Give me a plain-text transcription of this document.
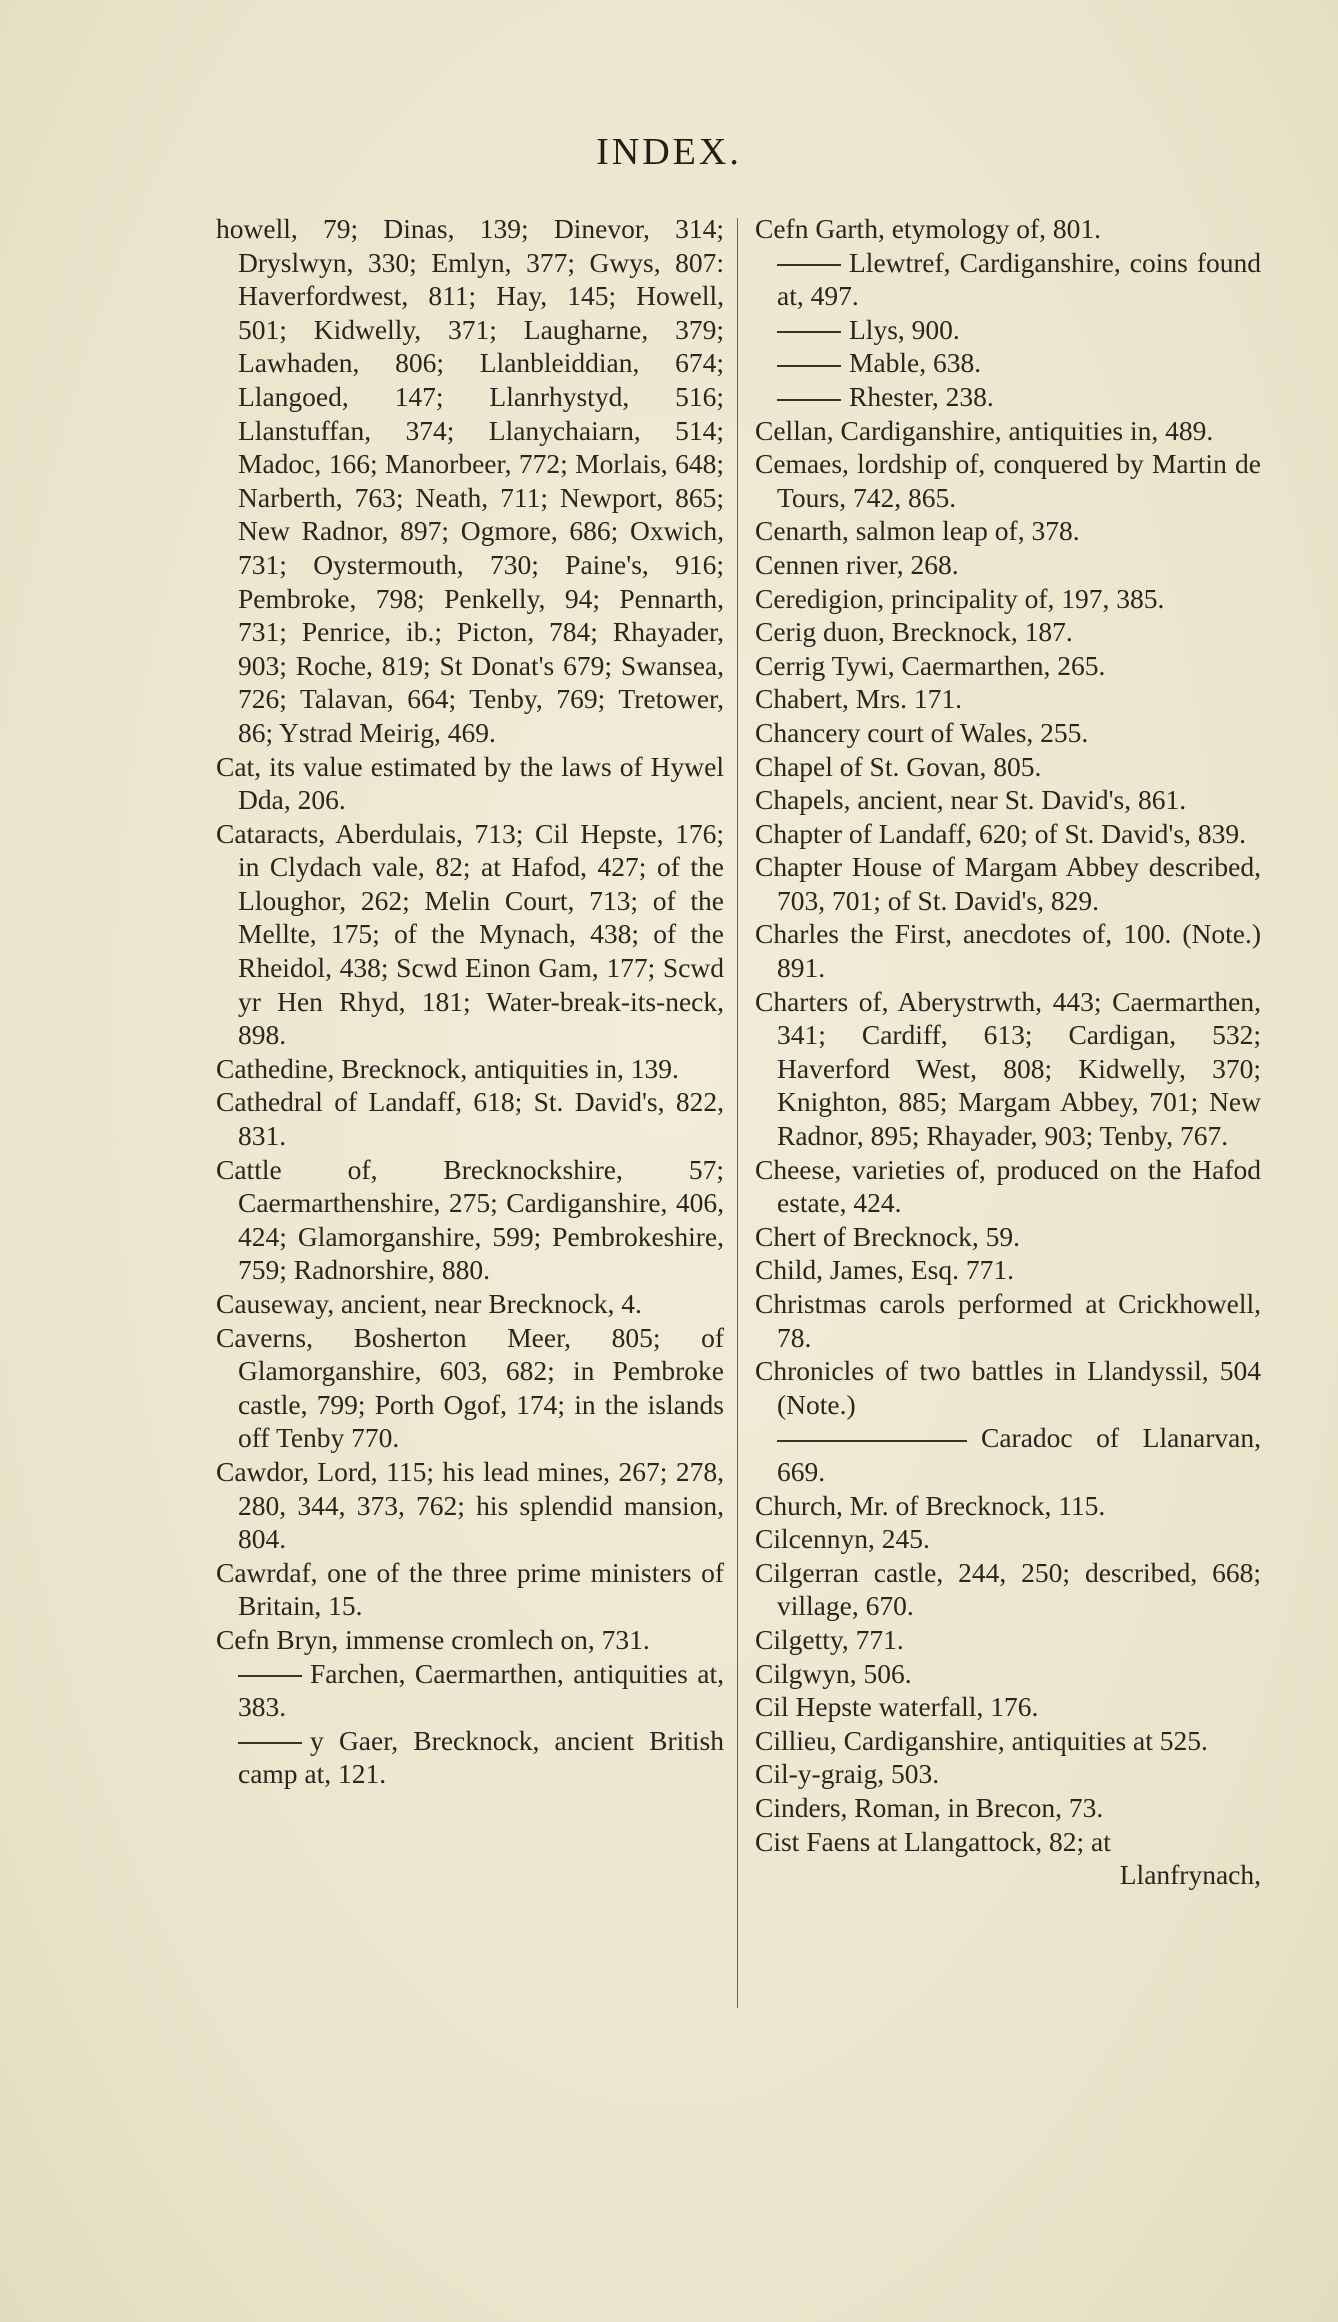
INDEX.

howell, 79; Dinas, 139; Dinevor, 314; Dryslwyn, 330; Emlyn, 377; Gwys, 807: Haverfordwest, 811; Hay, 145; Howell, 501; Kidwelly, 371; Laugharne, 379; Lawhaden, 806; Llanbleiddian, 674; Llangoed, 147; Llanrhystyd, 516; Llanstuffan, 374; Llanychaiarn, 514; Madoc, 166; Manorbeer, 772; Morlais, 648; Narberth, 763; Neath, 711; Newport, 865; New Radnor, 897; Ogmore, 686; Oxwich, 731; Oystermouth, 730; Paine's, 916; Pembroke, 798; Penkelly, 94; Pennarth, 731; Penrice, ib.; Picton, 784; Rhayader, 903; Roche, 819; St Donat's 679; Swansea, 726; Talavan, 664; Tenby, 769; Tretower, 86; Ystrad Meirig, 469.

Cat, its value estimated by the laws of Hywel Dda, 206.

Cataracts, Aberdulais, 713; Cil Hepste, 176; in Clydach vale, 82; at Hafod, 427; of the Lloughor, 262; Melin Court, 713; of the Mellte, 175; of the Mynach, 438; of the Rheidol, 438; Scwd Einon Gam, 177; Scwd yr Hen Rhyd, 181; Water-break-its-neck, 898.

Cathedine, Brecknock, antiquities in, 139.

Cathedral of Landaff, 618; St. David's, 822, 831.

Cattle of, Brecknockshire, 57; Caermarthenshire, 275; Cardiganshire, 406, 424; Glamorganshire, 599; Pembrokeshire, 759; Radnorshire, 880.

Causeway, ancient, near Brecknock, 4.

Caverns, Bosherton Meer, 805; of Glamorganshire, 603, 682; in Pembroke castle, 799; Porth Ogof, 174; in the islands off Tenby 770.

Cawdor, Lord, 115; his lead mines, 267; 278, 280, 344, 373, 762; his splendid mansion, 804.

Cawrdaf, one of the three prime ministers of Britain, 15.

Cefn Bryn, immense cromlech on, 731.

Farchen, Caermarthen, antiquities at, 383.

y Gaer, Brecknock, ancient British camp at, 121.

Cefn Garth, etymology of, 801.

Llewtref, Cardiganshire, coins found at, 497.

Llys, 900.

Mable, 638.

Rhester, 238.

Cellan, Cardiganshire, antiquities in, 489.

Cemaes, lordship of, conquered by Martin de Tours, 742, 865.

Cenarth, salmon leap of, 378.

Cennen river, 268.

Ceredigion, principality of, 197, 385.

Cerig duon, Brecknock, 187.

Cerrig Tywi, Caermarthen, 265.

Chabert, Mrs. 171.

Chancery court of Wales, 255.

Chapel of St. Govan, 805.

Chapels, ancient, near St. David's, 861.

Chapter of Landaff, 620; of St. David's, 839.

Chapter House of Margam Abbey described, 703, 701; of St. David's, 829.

Charles the First, anecdotes of, 100. (Note.) 891.

Charters of, Aberystrwth, 443; Caermarthen, 341; Cardiff, 613; Cardigan, 532; Haverford West, 808; Kidwelly, 370; Knighton, 885; Margam Abbey, 701; New Radnor, 895; Rhayader, 903; Tenby, 767.

Cheese, varieties of, produced on the Hafod estate, 424.

Chert of Brecknock, 59.

Child, James, Esq. 771.

Christmas carols performed at Crickhowell, 78.

Chronicles of two battles in Llandyssil, 504 (Note.)

Caradoc of Llanarvan, 669.

Church, Mr. of Brecknock, 115.

Cilcennyn, 245.

Cilgerran castle, 244, 250; described, 668; village, 670.

Cilgetty, 771.

Cilgwyn, 506.

Cil Hepste waterfall, 176.

Cillieu, Cardiganshire, antiquities at 525.

Cil-y-graig, 503.

Cinders, Roman, in Brecon, 73.

Cist Faens at Llangattock, 82; at

Llanfrynach,
